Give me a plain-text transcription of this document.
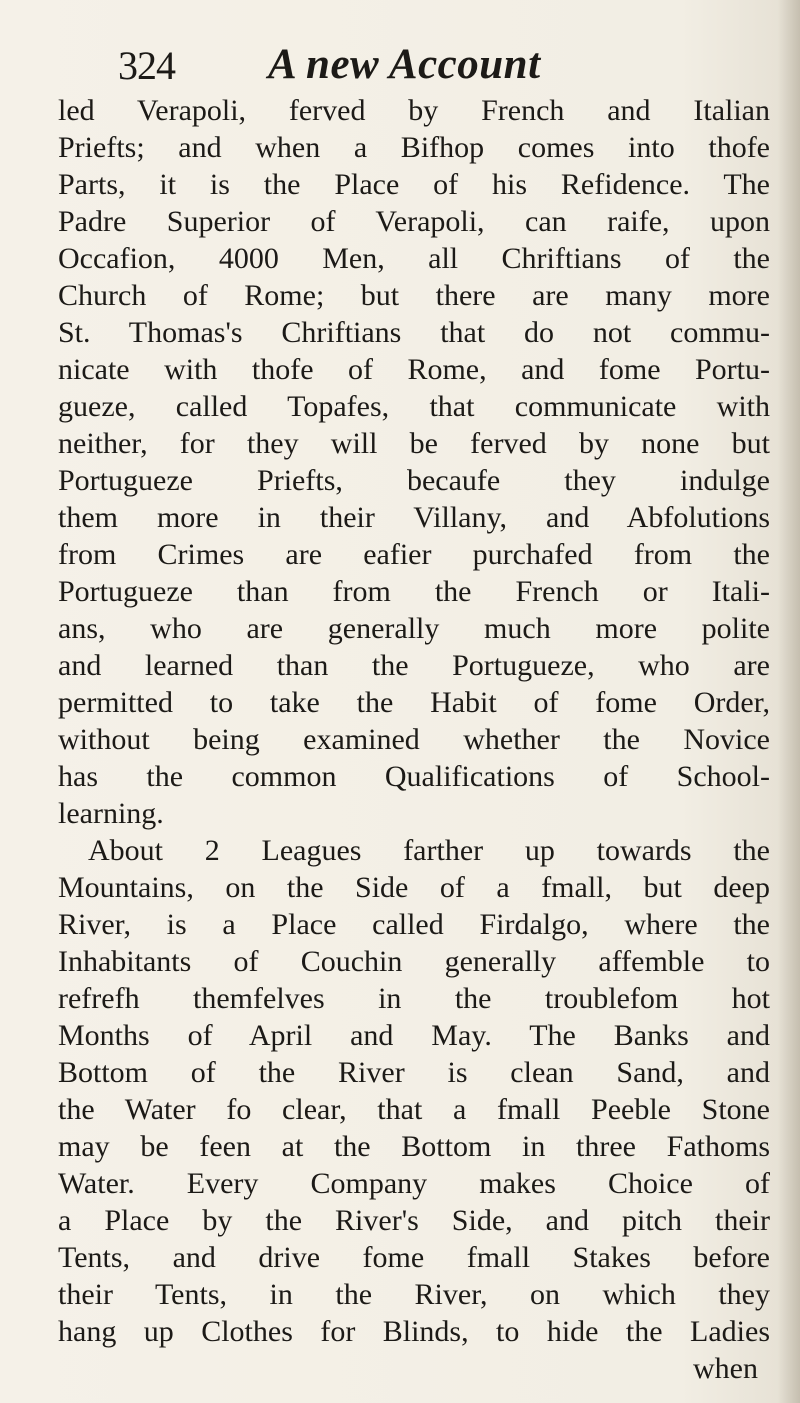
324 A new Account
led Verapoli, ferved by French and Italian
Priefts; and when a Bifhop comes into thofe
Parts, it is the Place of his Refidence. The
Padre Superior of Verapoli, can raife, upon
Occafion, 4000 Men, all Chriftians of the
Church of Rome; but there are many more
St. Thomas's Chriftians that do not commu-
nicate with thofe of Rome, and fome Portu-
gueze, called Topafes, that communicate with
neither, for they will be ferved by none but
Portugueze Priefts, becaufe they indulge
them more in their Villany, and Abfolutions
from Crimes are eafier purchafed from the
Portugueze than from the French or Itali-
ans, who are generally much more polite
and learned than the Portugueze, who are
permitted to take the Habit of fome Order,
without being examined whether the Novice
has the common Qualifications of School-
learning.
About 2 Leagues farther up towards the
Mountains, on the Side of a fmall, but deep
River, is a Place called Firdalgo, where the
Inhabitants of Couchin generally affemble to
refrefh themfelves in the troublefom hot
Months of April and May. The Banks and
Bottom of the River is clean Sand, and
the Water fo clear, that a fmall Peeble Stone
may be feen at the Bottom in three Fathoms
Water. Every Company makes Choice of
a Place by the River's Side, and pitch their
Tents, and drive fome fmall Stakes before
their Tents, in the River, on which they
hang up Clothes for Blinds, to hide the Ladies
when
